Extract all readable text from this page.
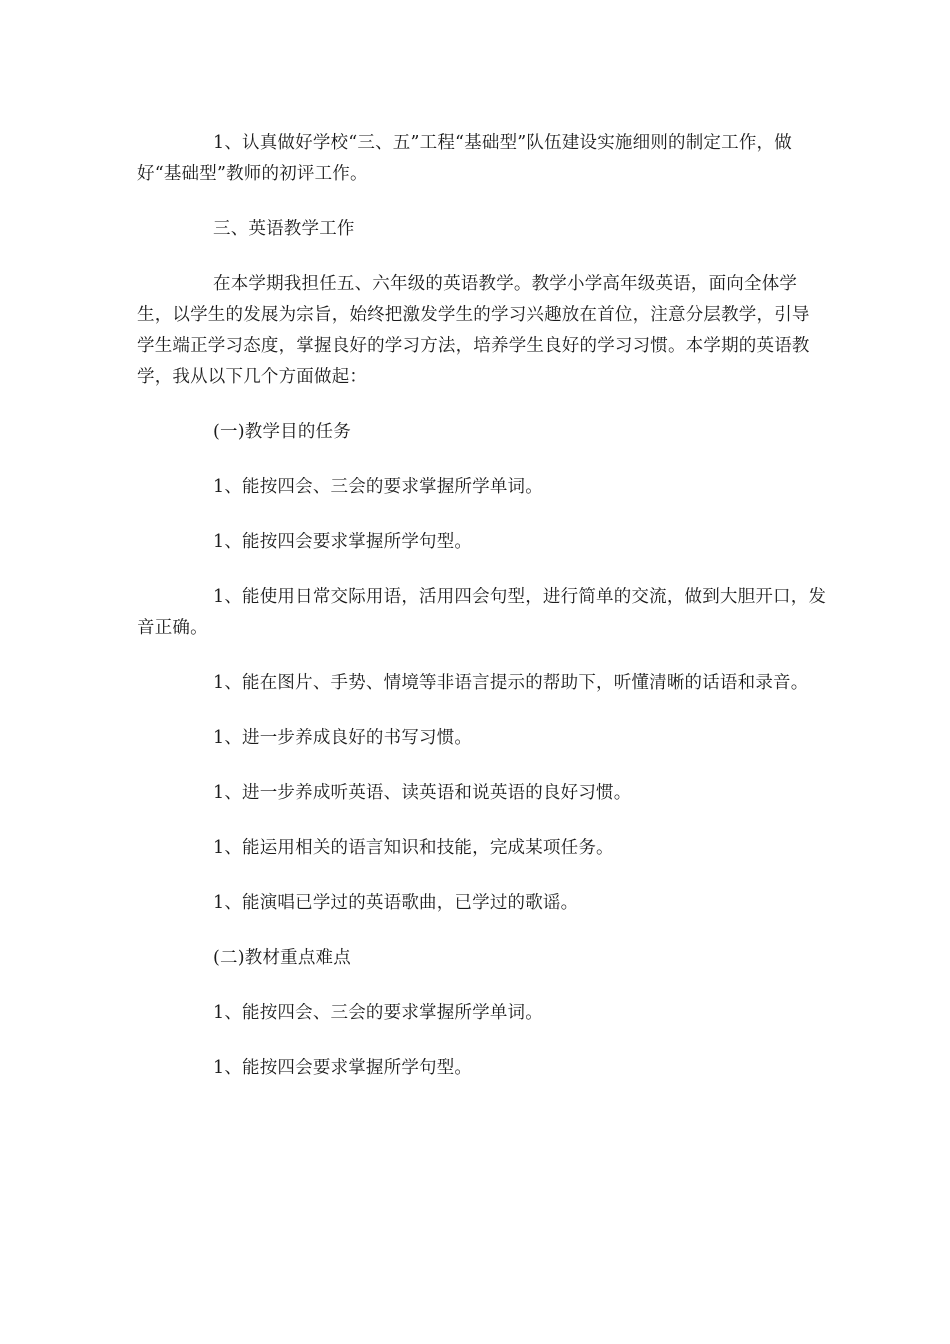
1、认真做好学校“三、五”工程“基础型”队伍建设实施细则的制定工作，做好“基础型”教师的初评工作。

三、英语教学工作

在本学期我担任五、六年级的英语教学。教学小学高年级英语，面向全体学生，以学生的发展为宗旨，始终把激发学生的学习兴趣放在首位，注意分层教学，引导学生端正学习态度，掌握良好的学习方法，培养学生良好的学习习惯。本学期的英语教学，我从以下几个方面做起：

(一)教学目的任务

1、能按四会、三会的要求掌握所学单词。

1、能按四会要求掌握所学句型。

1、能使用日常交际用语，活用四会句型，进行简单的交流，做到大胆开口，发音正确。

1、能在图片、手势、情境等非语言提示的帮助下，听懂清晰的话语和录音。

1、进一步养成良好的书写习惯。

1、进一步养成听英语、读英语和说英语的良好习惯。

1、能运用相关的语言知识和技能，完成某项任务。

1、能演唱已学过的英语歌曲，已学过的歌谣。

(二)教材重点难点

1、能按四会、三会的要求掌握所学单词。

1、能按四会要求掌握所学句型。
